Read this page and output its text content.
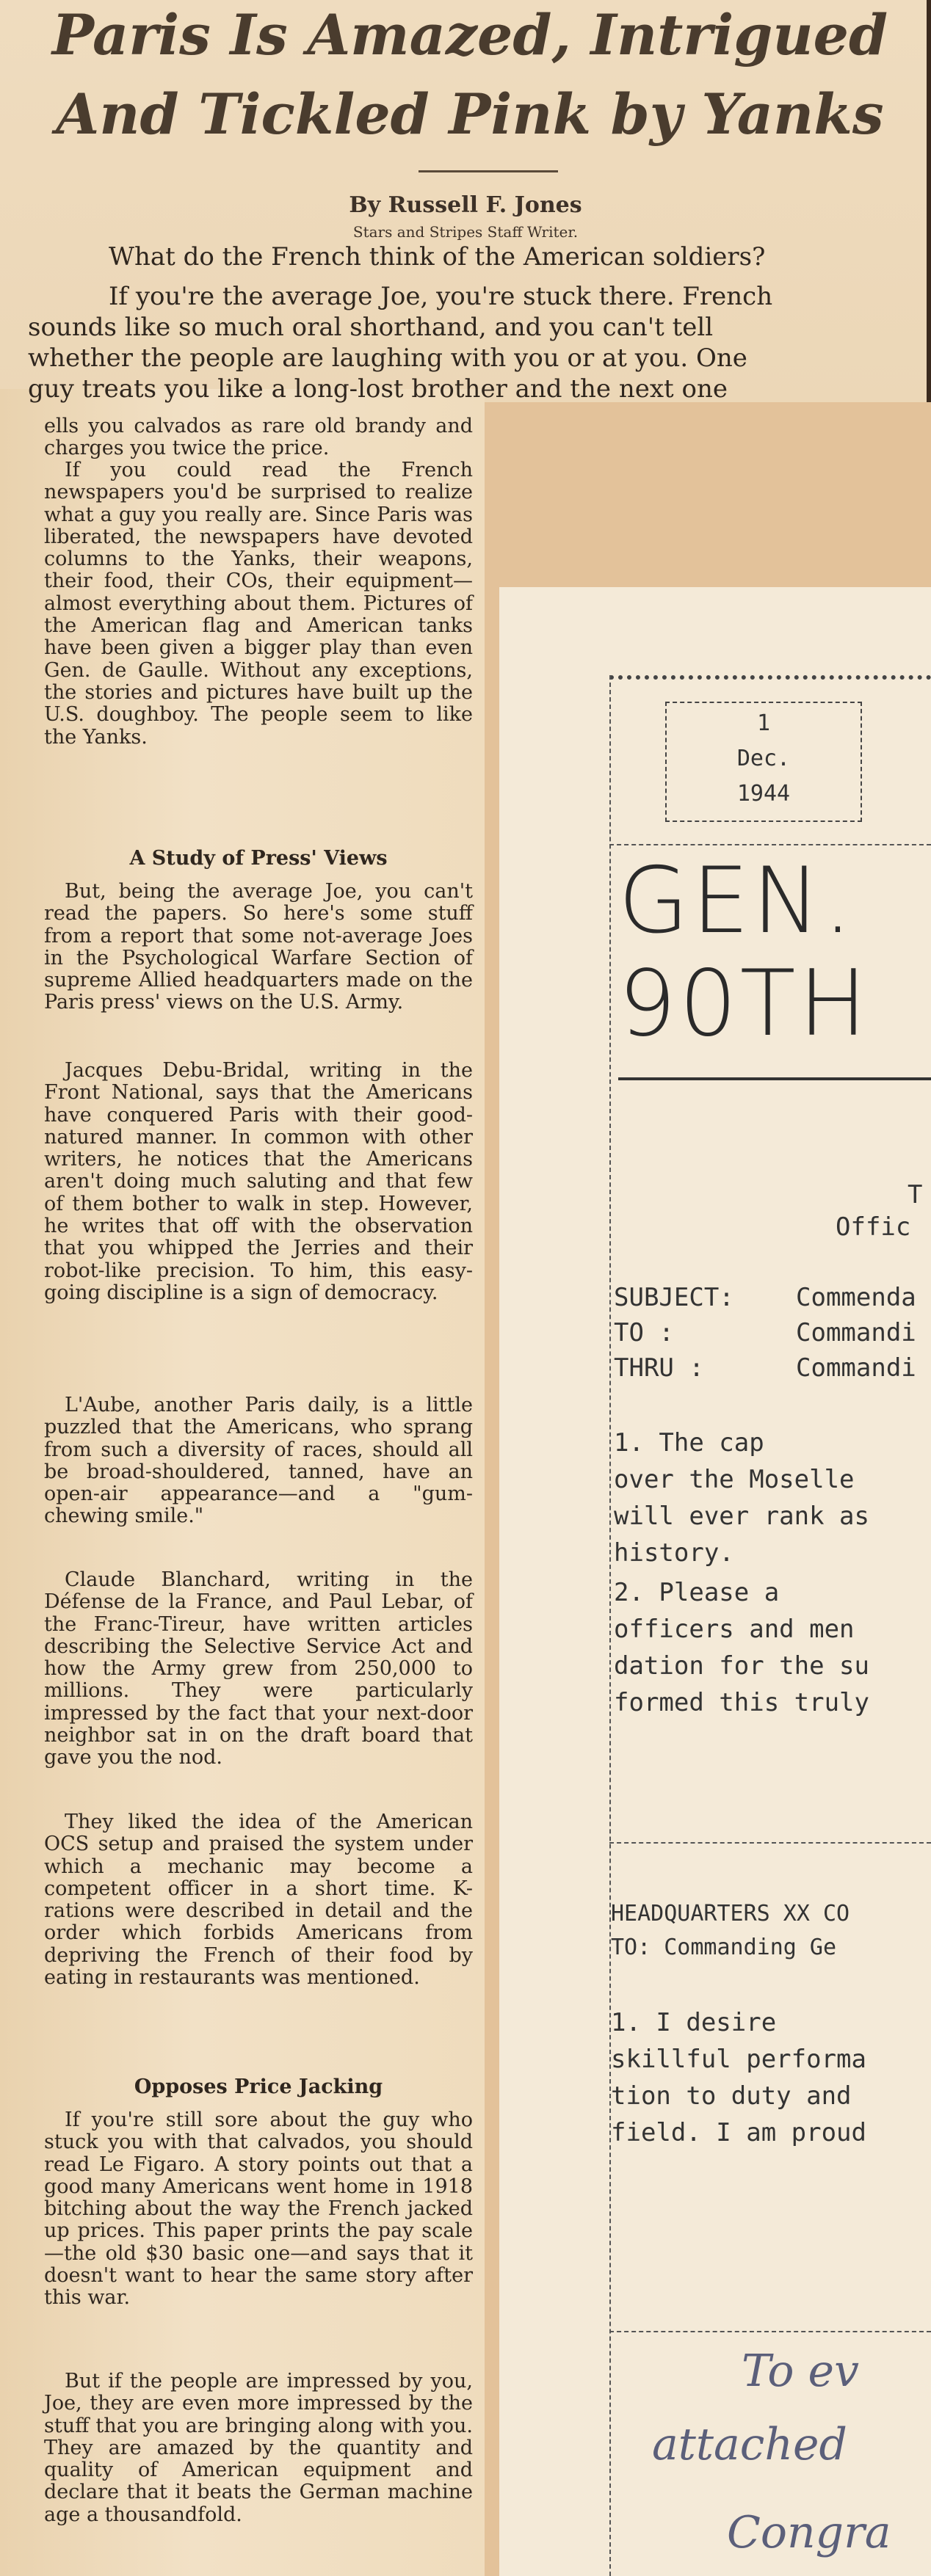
Paris Is Amazed, Intrigued
And Tickled Pink by Yanks
By Russell F. Jones
Stars and Stripes Staff Writer.
What do the French think of the American soldiers?
If you're the average Joe, you're stuck there. French
sounds like so much oral shorthand, and you can't tell
whether the people are laughing with you or at you. One
guy treats you like a long-lost brother and the next one
ells you calvados as rare old brandy and charges you twice the price.
If you could read the French newspapers you'd be surprised to realize what a guy you really are. Since Paris was liberated, the newspapers have devoted columns to the Yanks, their weapons, their food, their COs, their equipment—almost everything about them. Pictures of the American flag and American tanks have been given a bigger play than even Gen. de Gaulle. Without any exceptions, the stories and pictures have built up the U.S. doughboy. The people seem to like the Yanks.
A Study of Press' Views
But, being the average Joe, you can't read the papers. So here's some stuff from a report that some not-average Joes in the Psychological Warfare Section of supreme Allied headquarters made on the Paris press' views on the U.S. Army.
Jacques Debu-Bridal, writing in the Front National, says that the Americans have conquered Paris with their good-natured manner. In common with other writers, he notices that the Americans aren't doing much saluting and that few of them bother to walk in step. However, he writes that off with the observation that you whipped the Jerries and their robot-like precision. To him, this easy-going discipline is a sign of democracy.
L'Aube, another Paris daily, is a little puzzled that the Americans, who sprang from such a diversity of races, should all be broad-shouldered, tanned, have an open-air appearance—and a "gum-chewing smile."
Claude Blanchard, writing in the Défense de la France, and Paul Lebar, of the Franc-Tireur, have written articles describing the Selective Service Act and how the Army grew from 250,000 to millions. They were particularly impressed by the fact that your next-door neighbor sat in on the draft board that gave you the nod.
They liked the idea of the American OCS setup and praised the system under which a mechanic may become a competent officer in a short time. K-rations were described in detail and the order which forbids Americans from depriving the French of their food by eating in restaurants was mentioned.
Opposes Price Jacking
If you're still sore about the guy who stuck you with that calvados, you should read Le Figaro. A story points out that a good many Americans went home in 1918 bitching about the way the French jacked up prices. This paper prints the pay scale—the old $30 basic one—and says that it doesn't want to hear the same story after this war.
But if the people are impressed by you, Joe, they are even more impressed by the stuff that you are bringing along with you. They are amazed by the quantity and quality of American equipment and declare that it beats the German machine age a thousandfold.
1
Dec.
1944
GEN.
90TH
T
Offic
SUBJECT: Commenda
TO :	Commandi
THRU :	Commandi
1. The cap
over the Moselle
will ever rank as
history.
2. Please a
officers and men
dation for the su
formed this truly
HEADQUARTERS XX CO
TO: Commanding Ge
1. I desire
skillful performa
tion to duty and
field. I am proud
To ev
attached
Congra
